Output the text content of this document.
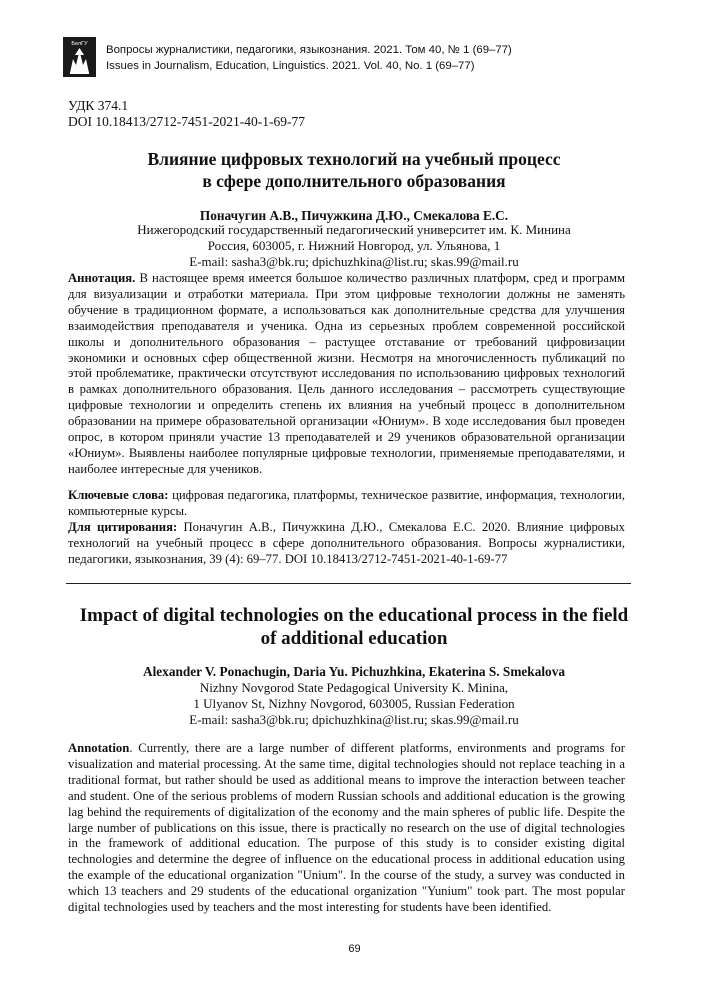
БелГУ Вопросы журналистики, педагогики, языкознания. 2021. Том 40, № 1 (69–77)
Issues in Journalism, Education, Linguistics. 2021. Vol. 40, No. 1 (69–77)
УДК 374.1
DOI 10.18413/2712-7451-2021-40-1-69-77
Влияние цифровых технологий на учебный процесс
в сфере дополнительного образования
Поначугин А.В., Пичужкина Д.Ю., Смекалова Е.С.
Нижегородский государственный педагогический университет им. К. Минина
Россия, 603005, г. Нижний Новгород, ул. Ульянова, 1
E-mail: sasha3@bk.ru; dpichuzhkina@list.ru; skas.99@mail.ru
Аннотация. В настоящее время имеется большое количество различных платформ, сред и программ для визуализации и отработки материала. При этом цифровые технологии должны не заменять обучение в традиционном формате, а использоваться как дополнительные средства для улучшения взаимодействия преподавателя и ученика. Одна из серьезных проблем современной российской школы и дополнительного образования – растущее отставание от требований цифровизации экономики и основных сфер общественной жизни. Несмотря на многочисленность публикаций по этой проблематике, практически отсутствуют исследования по использованию цифровых технологий в рамках дополнительного образования. Цель данного исследования – рассмотреть существующие цифровые технологии и определить степень их влияния на учебный процесс в дополнительном образовании на примере образовательной организации «Юниум». В ходе исследования был проведен опрос, в котором приняли участие 13 преподавателей и 29 учеников образовательной организации «Юниум». Выявлены наиболее популярные цифровые технологии, применяемые преподавателями, и наиболее интересные для учеников.
Ключевые слова: цифровая педагогика, платформы, техническое развитие, информация, технологии, компьютерные курсы.
Для цитирования: Поначугин А.В., Пичужкина Д.Ю., Смекалова Е.С. 2020. Влияние цифровых технологий на учебный процесс в сфере дополнительного образования. Вопросы журналистики, педагогики, языкознания, 39 (4): 69–77. DOI 10.18413/2712-7451-2021-40-1-69-77
Impact of digital technologies on the educational process in the field
of additional education
Alexander V. Ponachugin, Daria Yu. Pichuzhkina, Ekaterina S. Smekalova
Nizhny Novgorod State Pedagogical University K. Minina,
1 Ulyanov St, Nizhny Novgorod, 603005, Russian Federation
E-mail: sasha3@bk.ru; dpichuzhkina@list.ru; skas.99@mail.ru
Annotation. Currently, there are a large number of different platforms, environments and programs for visualization and material processing. At the same time, digital technologies should not replace teaching in a traditional format, but rather should be used as additional means to improve the interaction between teacher and student. One of the serious problems of modern Russian schools and additional education is the growing lag behind the requirements of digitalization of the economy and the main spheres of public life. Despite the large number of publications on this issue, there is practically no research on the use of digital technologies in the framework of additional education. The purpose of this study is to consider existing digital technologies and determine the degree of influence on the educational process in additional education using the example of the educational organization "Unium". In the course of the study, a survey was conducted in which 13 teachers and 29 students of the educational organization "Yunium" took part. The most popular digital technologies used by teachers and the most interesting for students have been identified.
69
